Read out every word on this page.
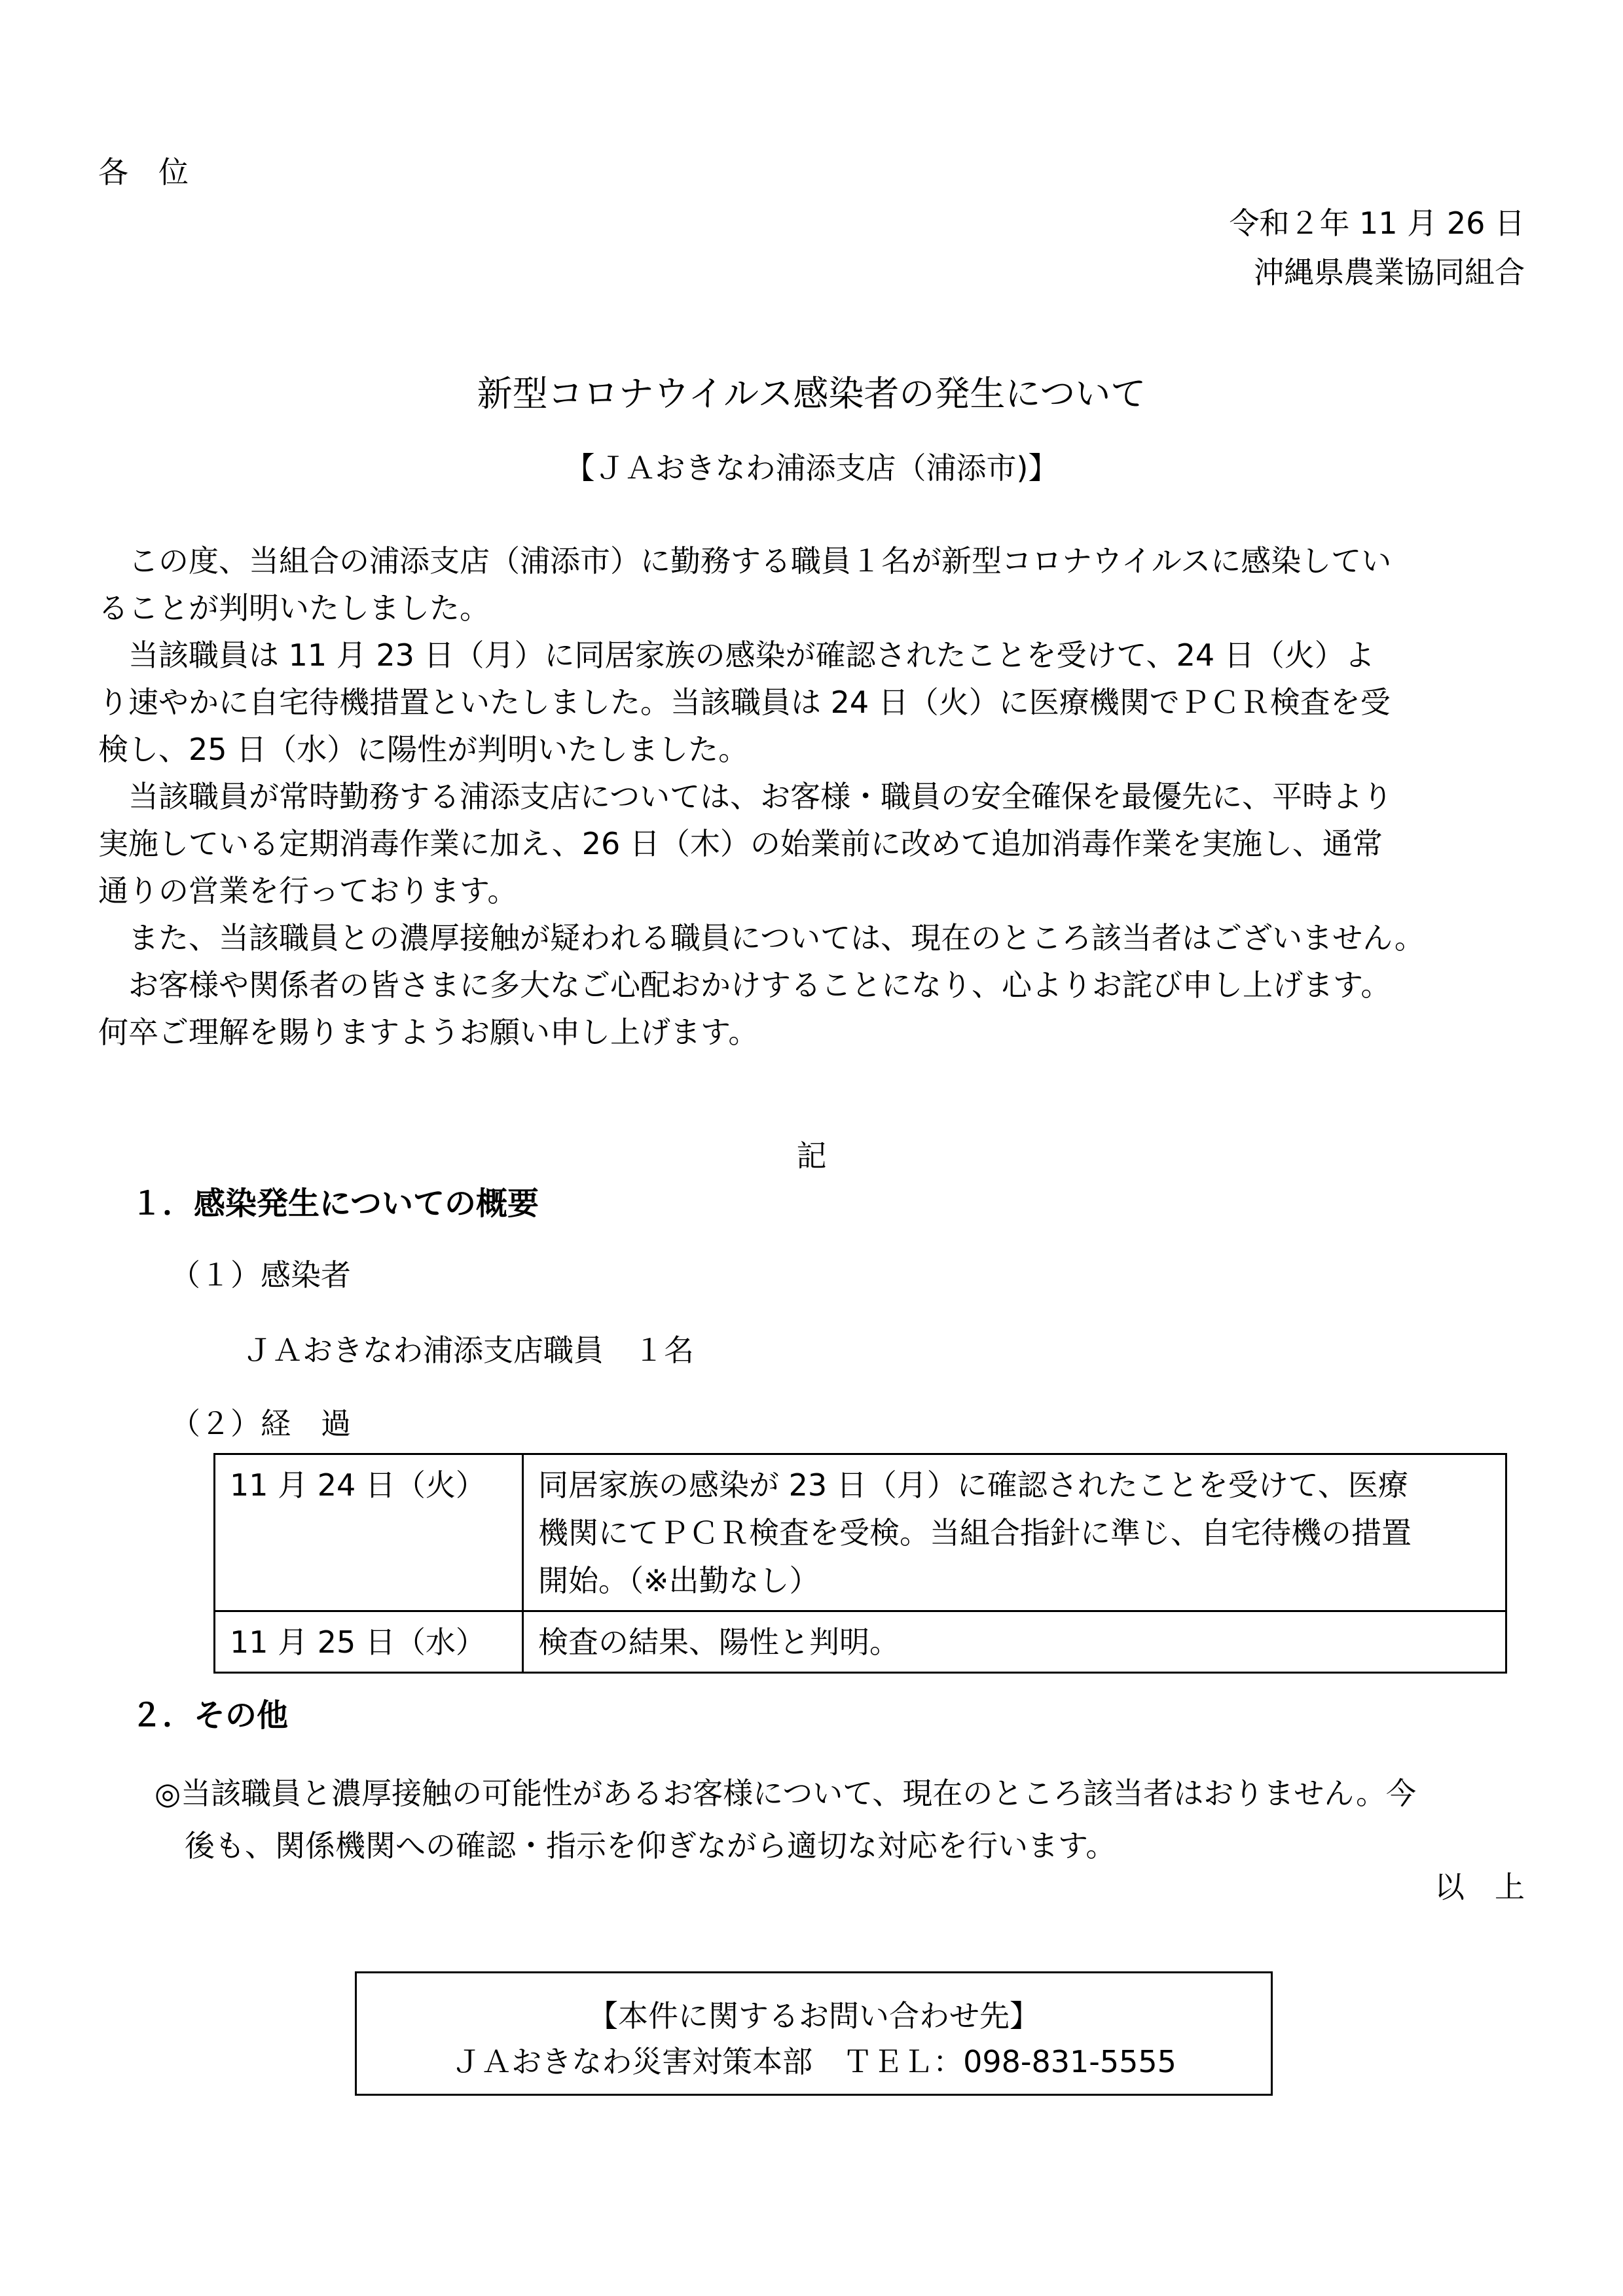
各　位
令和２年 11 月 26 日
沖縄県農業協同組合
新型コロナウイルス感染者の発生について
【ＪＡおきなわ浦添支店（浦添市)】
　この度、当組合の浦添支店（浦添市）に勤務する職員１名が新型コロナウイルスに感染してい
ることが判明いたしました。
　当該職員は 11 月 23 日（月）に同居家族の感染が確認されたことを受けて、24 日（火）よ
り速やかに自宅待機措置といたしました。当該職員は 24 日（火）に医療機関でＰＣＲ検査を受
検し、25 日（水）に陽性が判明いたしました。
　当該職員が常時勤務する浦添支店については、お客様・職員の安全確保を最優先に、平時より
実施している定期消毒作業に加え、26 日（木）の始業前に改めて追加消毒作業を実施し、通常
通りの営業を行っております。
　また、当該職員との濃厚接触が疑われる職員については、現在のところ該当者はございません。
　お客様や関係者の皆さまに多大なご心配おかけすることになり、心よりお詫び申し上げます。
何卒ご理解を賜りますようお願い申し上げます。
記
１．感染発生についての概要
（１）感染者
ＪＡおきなわ浦添支店職員　１名
（２）経　過
11 月 24 日（火）	同居家族の感染が 23 日（月）に確認されたことを受けて、医療
機関にてＰＣＲ検査を受検。当組合指針に準じ、自宅待機の措置
開始。（※出勤なし）

11 月 25 日（水）	検査の結果、陽性と判明。
２．その他
◎当該職員と濃厚接触の可能性があるお客様について、現在のところ該当者はおりません。今
　後も、関係機関への確認・指示を仰ぎながら適切な対応を行います。
以　上
【本件に関するお問い合わせ先】
ＪＡおきなわ災害対策本部　ＴＥＬ：098-831-5555
